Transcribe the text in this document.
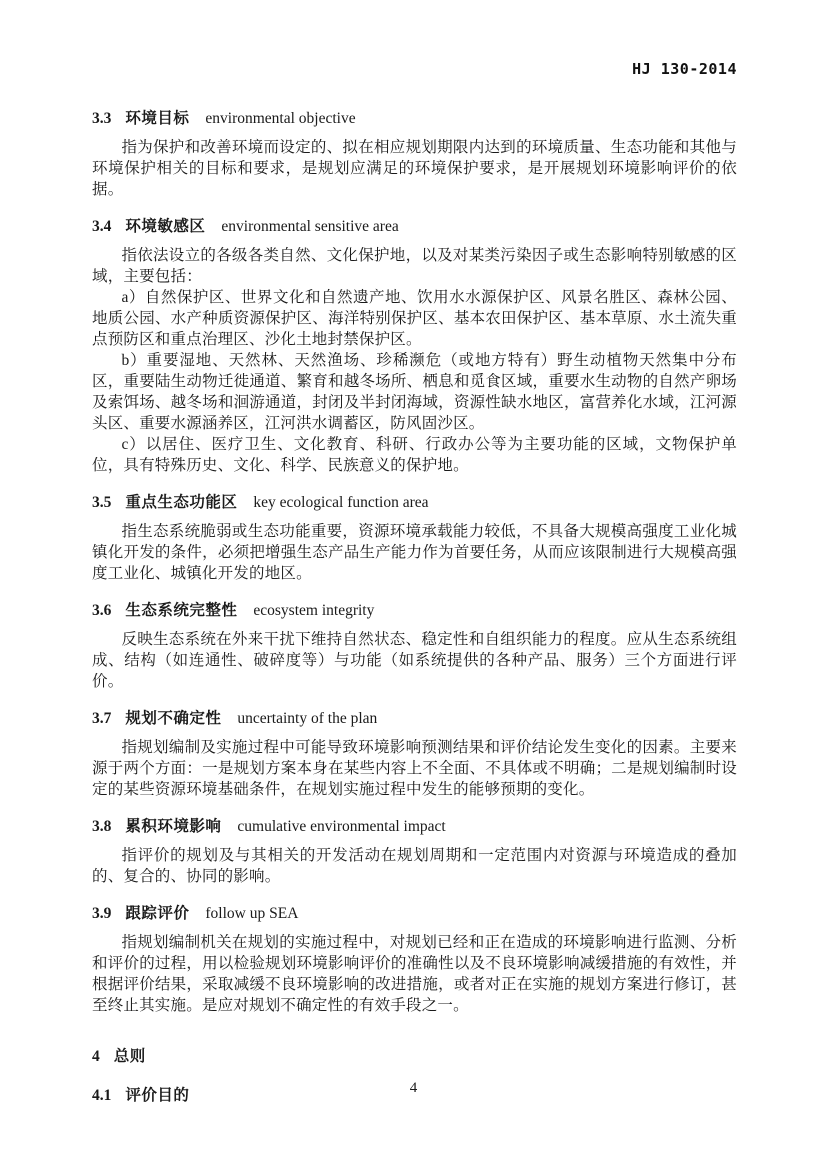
HJ 130-2014
3.3 环境目标 environmental objective

指为保护和改善环境而设定的、拟在相应规划期限内达到的环境质量、生态功能和其他与环境保护相关的目标和要求，是规划应满足的环境保护要求，是开展规划环境影响评价的依据。

3.4 环境敏感区 environmental sensitive area

指依法设立的各级各类自然、文化保护地，以及对某类污染因子或生态影响特别敏感的区域，主要包括：

a）自然保护区、世界文化和自然遗产地、饮用水水源保护区、风景名胜区、森林公园、地质公园、水产种质资源保护区、海洋特别保护区、基本农田保护区、基本草原、水土流失重点预防区和重点治理区、沙化土地封禁保护区。

b）重要湿地、天然林、天然渔场、珍稀濒危（或地方特有）野生动植物天然集中分布区，重要陆生动物迁徙通道、繁育和越冬场所、栖息和觅食区域，重要水生动物的自然产卵场及索饵场、越冬场和洄游通道，封闭及半封闭海域，资源性缺水地区，富营养化水域，江河源头区、重要水源涵养区，江河洪水调蓄区，防风固沙区。

c）以居住、医疗卫生、文化教育、科研、行政办公等为主要功能的区域，文物保护单位，具有特殊历史、文化、科学、民族意义的保护地。

3.5 重点生态功能区 key ecological function area

指生态系统脆弱或生态功能重要，资源环境承载能力较低，不具备大规模高强度工业化城镇化开发的条件，必须把增强生态产品生产能力作为首要任务，从而应该限制进行大规模高强度工业化、城镇化开发的地区。

3.6 生态系统完整性 ecosystem integrity

反映生态系统在外来干扰下维持自然状态、稳定性和自组织能力的程度。应从生态系统组成、结构（如连通性、破碎度等）与功能（如系统提供的各种产品、服务）三个方面进行评价。

3.7 规划不确定性 uncertainty of the plan

指规划编制及实施过程中可能导致环境影响预测结果和评价结论发生变化的因素。主要来源于两个方面：一是规划方案本身在某些内容上不全面、不具体或不明确；二是规划编制时设定的某些资源环境基础条件，在规划实施过程中发生的能够预期的变化。

3.8 累积环境影响 cumulative environmental impact

指评价的规划及与其相关的开发活动在规划周期和一定范围内对资源与环境造成的叠加的、复合的、协同的影响。

3.9 跟踪评价 follow up SEA

指规划编制机关在规划的实施过程中，对规划已经和正在造成的环境影响进行监测、分析和评价的过程，用以检验规划环境影响评价的准确性以及不良环境影响减缓措施的有效性，并根据评价结果，采取减缓不良环境影响的改进措施，或者对正在实施的规划方案进行修订，甚至终止其实施。是应对规划不确定性的有效手段之一。

4 总则
4.1 评价目的	4
